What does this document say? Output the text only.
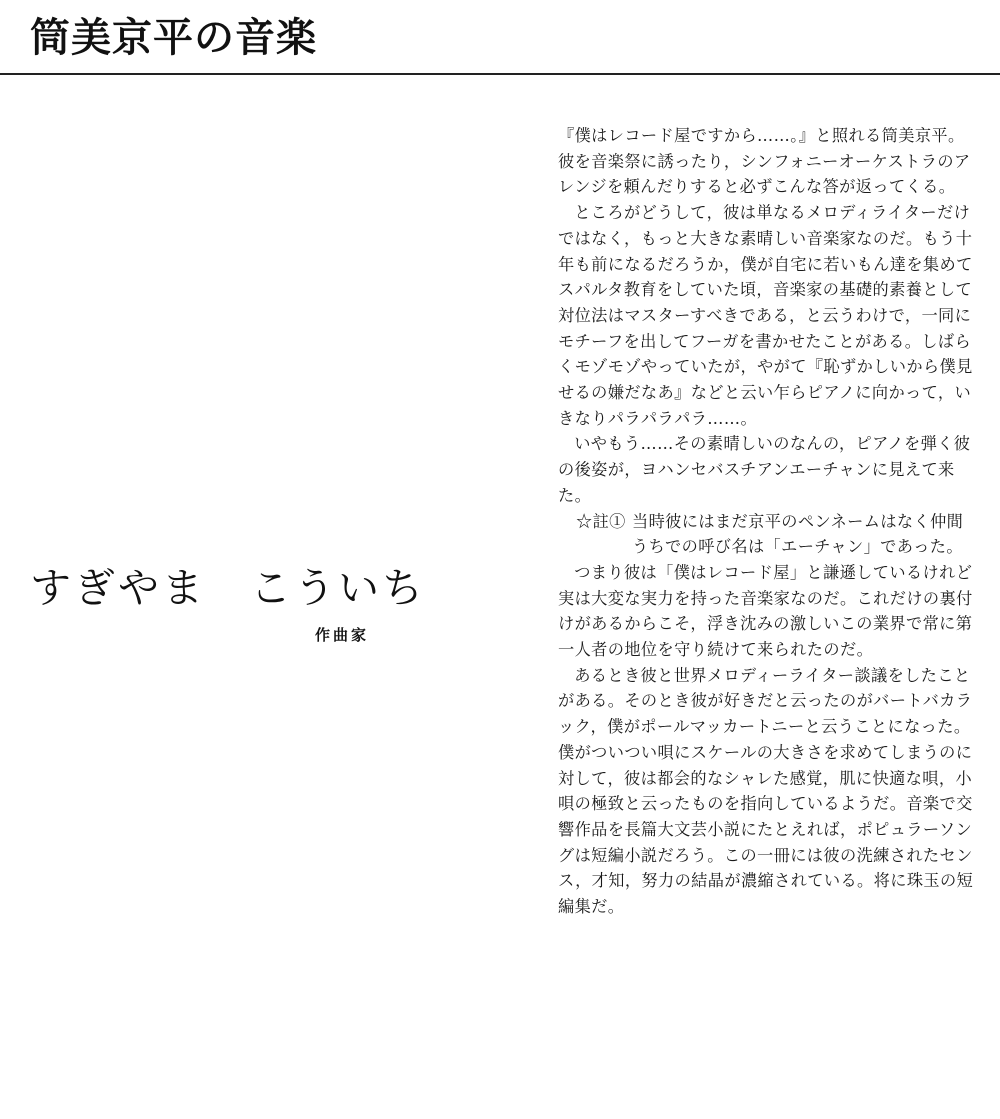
筒美京平の音楽
すぎやま　こういち
作曲家

『僕はレコード屋ですから……。』と照れる筒美京平。彼を音楽祭に誘ったり，シンフォニーオーケストラのアレンジを頼んだりすると必ずこんな答が返ってくる。

ところがどうして，彼は単なるメロディライターだけではなく，もっと大きな素晴しい音楽家なのだ。もう十年も前になるだろうか，僕が自宅に若いもん達を集めてスパルタ教育をしていた頃，音楽家の基礎的素養として対位法はマスターすべきである，と云うわけで，一同にモチーフを出してフーガを書かせたことがある。しばらくモゾモゾやっていたが，やがて『恥ずかしいから僕見せるの嫌だなあ』などと云い乍らピアノに向かって，いきなりパラパラパラ……。

いやもう……その素晴しいのなんの，ピアノを弾く彼の後姿が，ヨハンセバスチアンエーチャンに見えて来た。

☆註① 当時彼にはまだ京平のペンネームはなく仲間うちでの呼び名は「エーチャン」であった。

つまり彼は「僕はレコード屋」と謙遜しているけれど実は大変な実力を持った音楽家なのだ。これだけの裏付けがあるからこそ，浮き沈みの激しいこの業界で常に第一人者の地位を守り続けて来られたのだ。

あるとき彼と世界メロディーライター談議をしたことがある。そのとき彼が好きだと云ったのがバートバカラック，僕がポールマッカートニーと云うことになった。僕がついつい唄にスケールの大きさを求めてしまうのに対して，彼は都会的なシャレた感覚，肌に快適な唄，小唄の極致と云ったものを指向しているようだ。音楽で交響作品を長篇大文芸小説にたとえれば，ポピュラーソングは短編小説だろう。この一冊には彼の洗練されたセンス，才知，努力の結晶が濃縮されている。将に珠玉の短編集だ。
